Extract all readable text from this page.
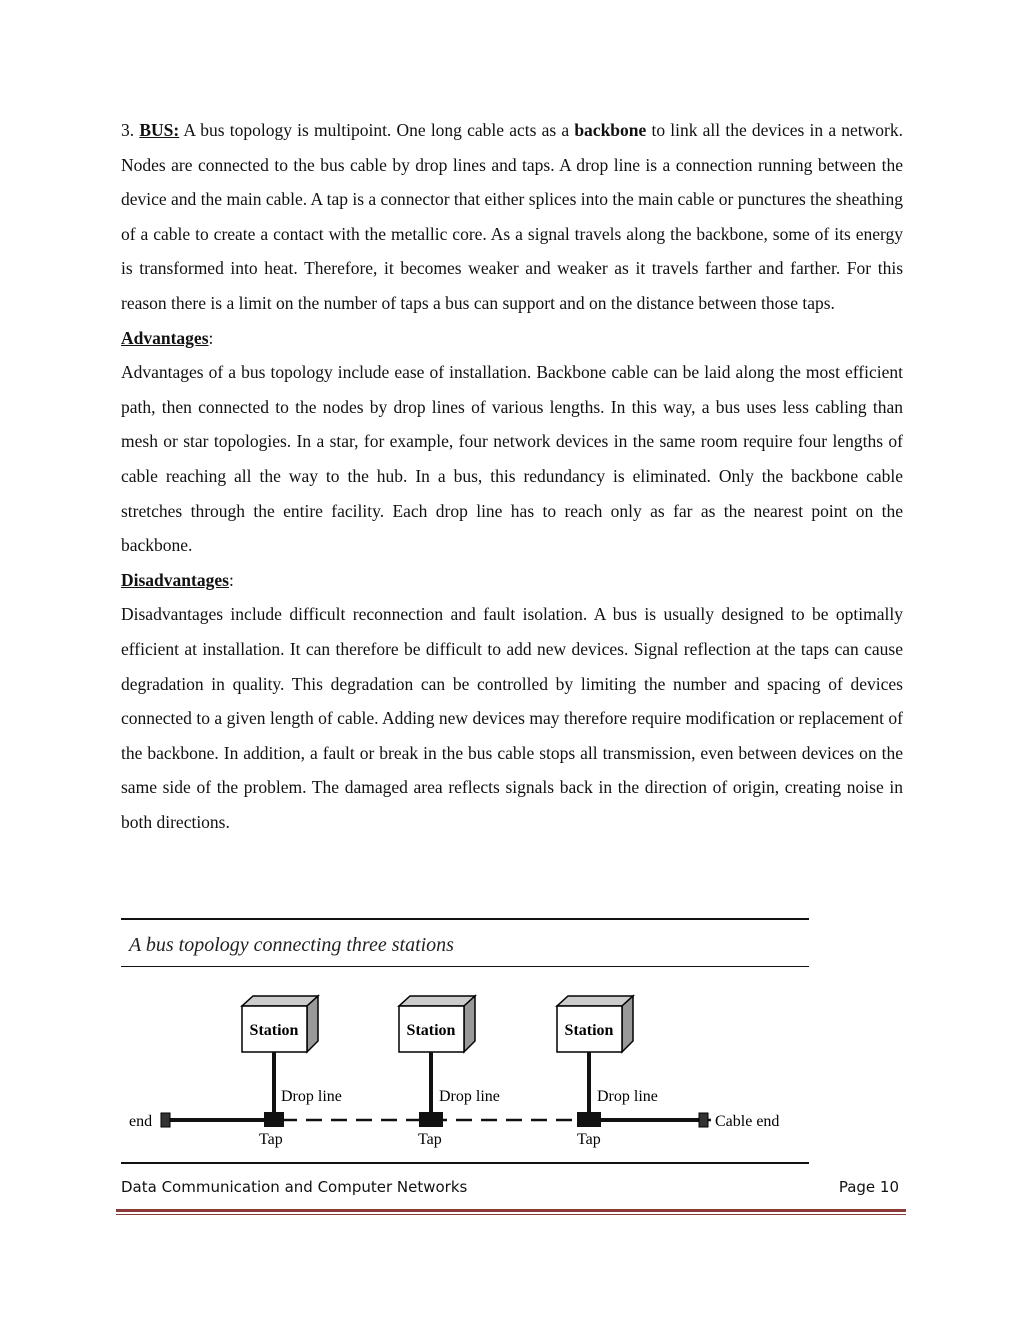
3. BUS: A bus topology is multipoint. One long cable acts as a backbone to link all the devices in a network. Nodes are connected to the bus cable by drop lines and taps. A drop line is a connection running between the device and the main cable. A tap is a connector that either splices into the main cable or punctures the sheathing of a cable to create a contact with the metallic core. As a signal travels along the backbone, some of its energy is transformed into heat. Therefore, it becomes weaker and weaker as it travels farther and farther. For this reason there is a limit on the number of taps a bus can support and on the distance between those taps.

Advantages:

Advantages of a bus topology include ease of installation. Backbone cable can be laid along the most efficient path, then connected to the nodes by drop lines of various lengths. In this way, a bus uses less cabling than mesh or star topologies. In a star, for example, four network devices in the same room require four lengths of cable reaching all the way to the hub. In a bus, this redundancy is eliminated. Only the backbone cable stretches through the entire facility. Each drop line has to reach only as far as the nearest point on the backbone.

Disadvantages:

Disadvantages include difficult reconnection and fault isolation. A bus is usually designed to be optimally efficient at installation. It can therefore be difficult to add new devices. Signal reflection at the taps can cause degradation in quality. This degradation can be controlled by limiting the number and spacing of devices connected to a given length of cable. Adding new devices may therefore require modification or replacement of the backbone. In addition, a fault or break in the bus cable stops all transmission, even between devices on the same side of the problem. The damaged area reflects signals back in the direction of origin, creating noise in both directions.

A bus topology connecting three stations
end	Cable end
Station
Drop line
Tap
Station
Drop line
Tap
Station
Drop line
Tap
Data Communication and Computer Networks	Page 10
